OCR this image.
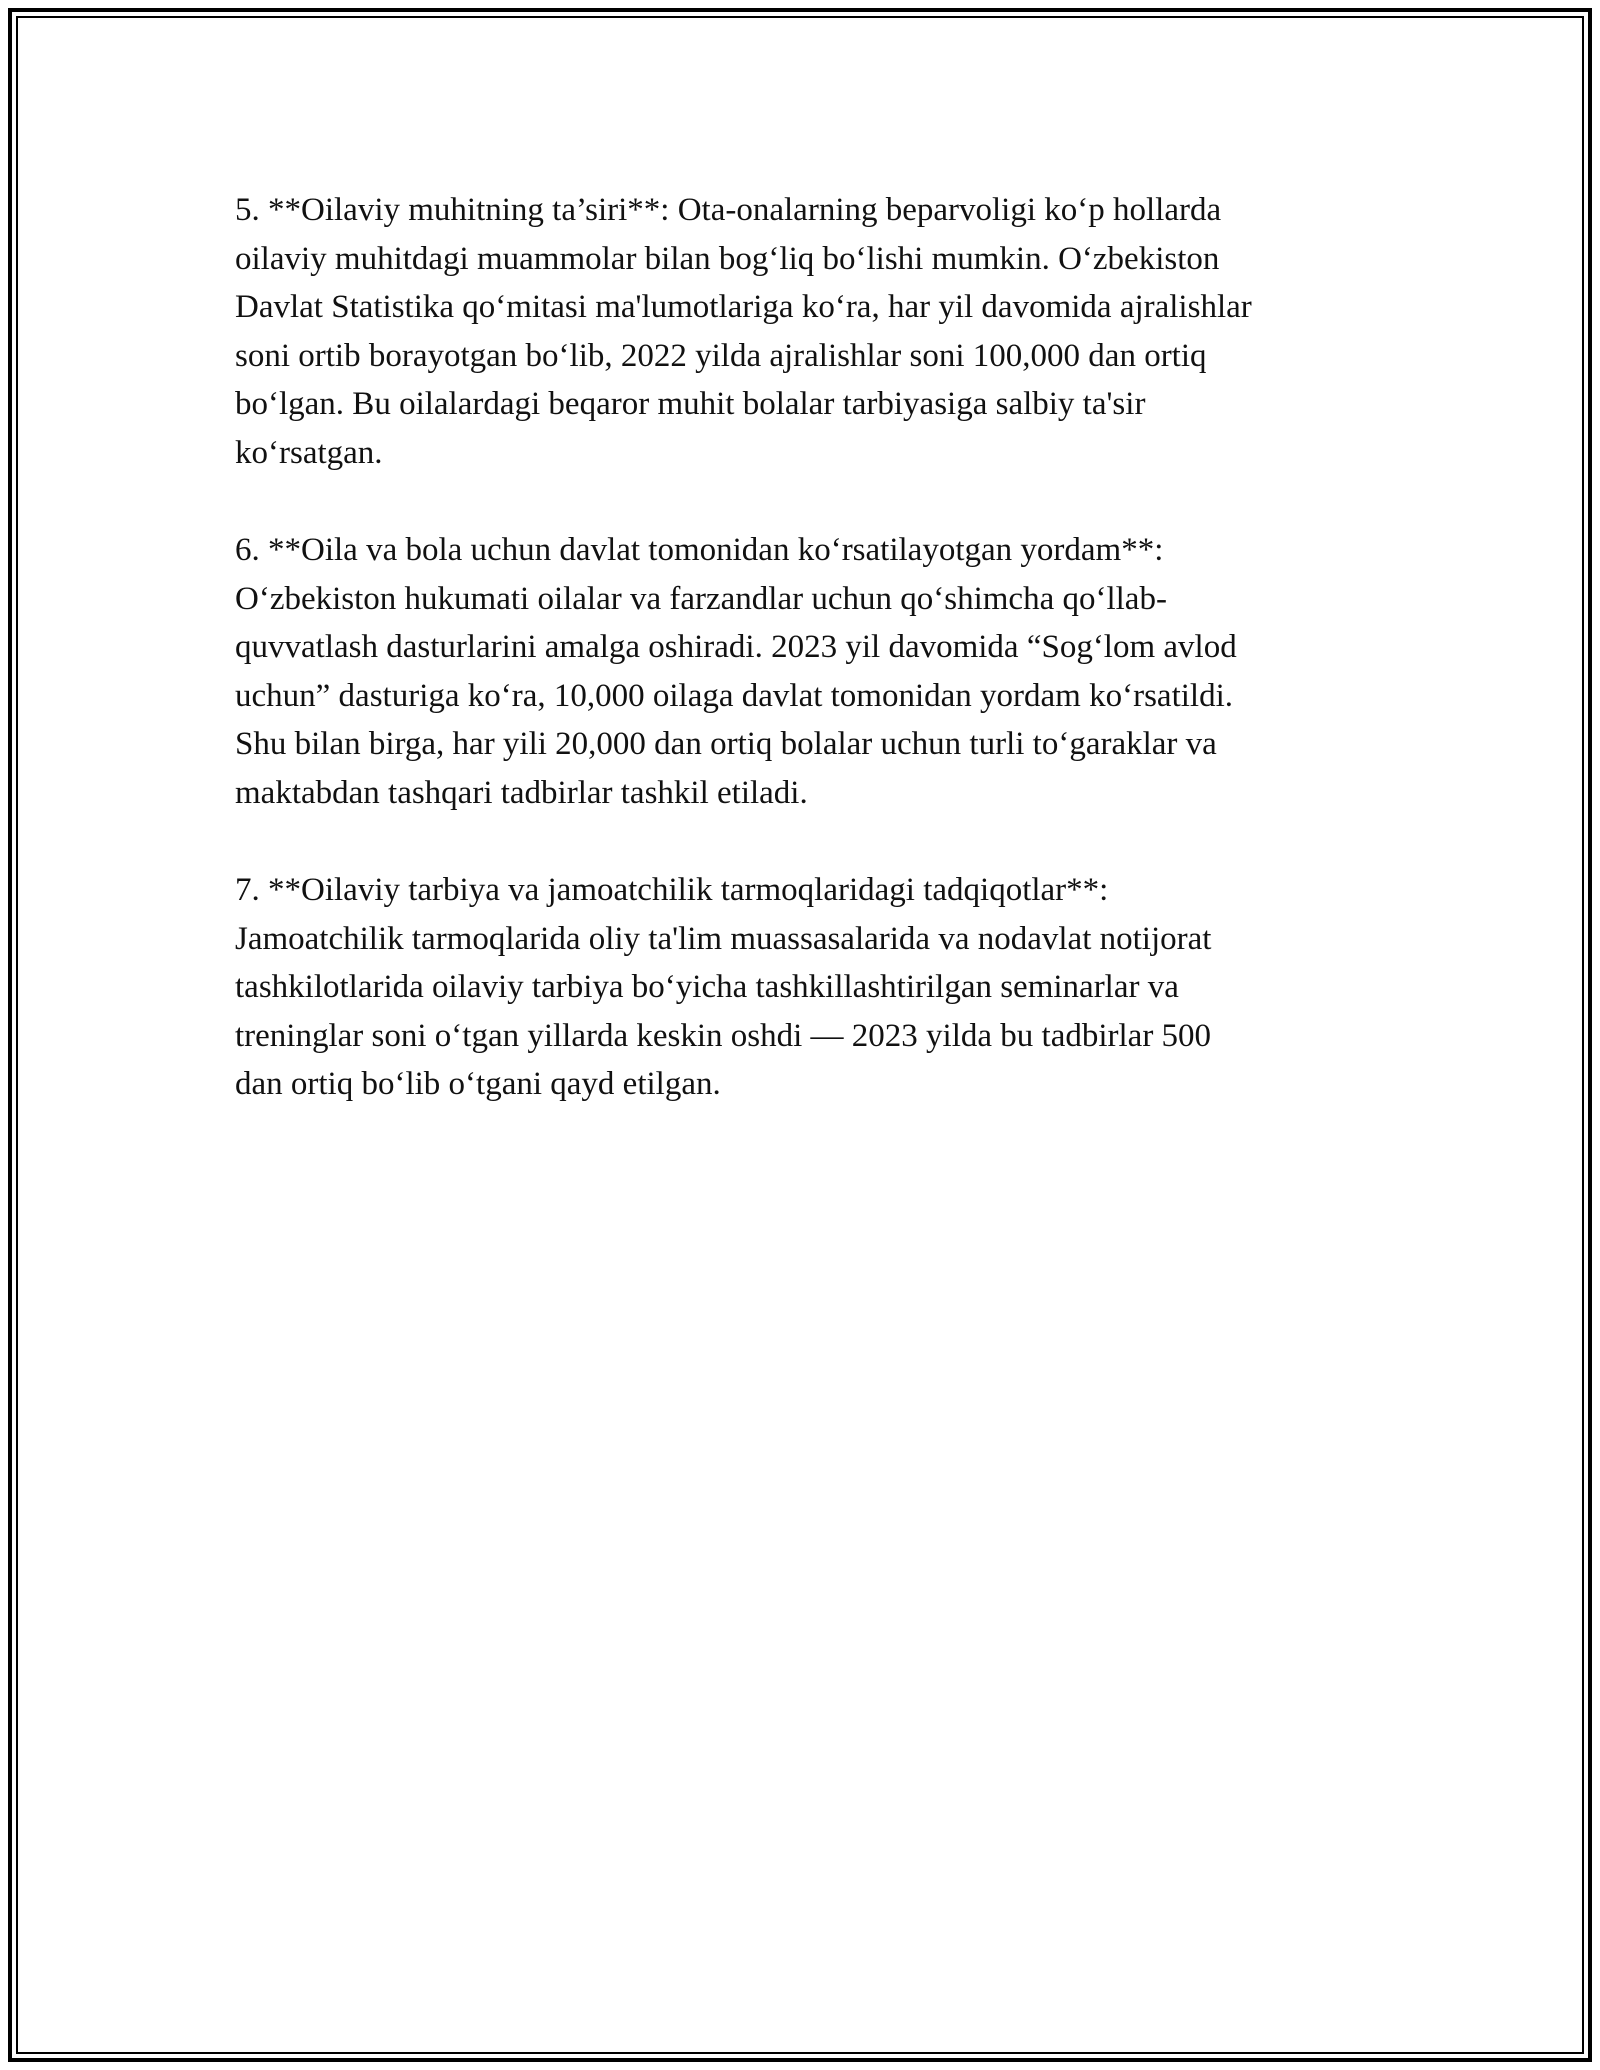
5. **Oilaviy muhitning ta’siri**: Ota-onalarning beparvoligi ko‘p hollarda
oilaviy muhitdagi muammolar bilan bog‘liq bo‘lishi mumkin. O‘zbekiston
Davlat Statistika qo‘mitasi ma'lumotlariga ko‘ra, har yil davomida ajralishlar
soni ortib borayotgan bo‘lib, 2022 yilda ajralishlar soni 100,000 dan ortiq
bo‘lgan. Bu oilalardagi beqaror muhit bolalar tarbiyasiga salbiy ta'sir
ko‘rsatgan.

6. **Oila va bola uchun davlat tomonidan ko‘rsatilayotgan yordam**:
O‘zbekiston hukumati oilalar va farzandlar uchun qo‘shimcha qo‘llab-
quvvatlash dasturlarini amalga oshiradi. 2023 yil davomida “Sog‘lom avlod
uchun” dasturiga ko‘ra, 10,000 oilaga davlat tomonidan yordam ko‘rsatildi.
Shu bilan birga, har yili 20,000 dan ortiq bolalar uchun turli to‘garaklar va
maktabdan tashqari tadbirlar tashkil etiladi.

7. **Oilaviy tarbiya va jamoatchilik tarmoqlaridagi tadqiqotlar**:
Jamoatchilik tarmoqlarida oliy ta'lim muassasalarida va nodavlat notijorat
tashkilotlarida oilaviy tarbiya bo‘yicha tashkillashtirilgan seminarlar va
treninglar soni o‘tgan yillarda keskin oshdi — 2023 yilda bu tadbirlar 500
dan ortiq bo‘lib o‘tgani qayd etilgan.
